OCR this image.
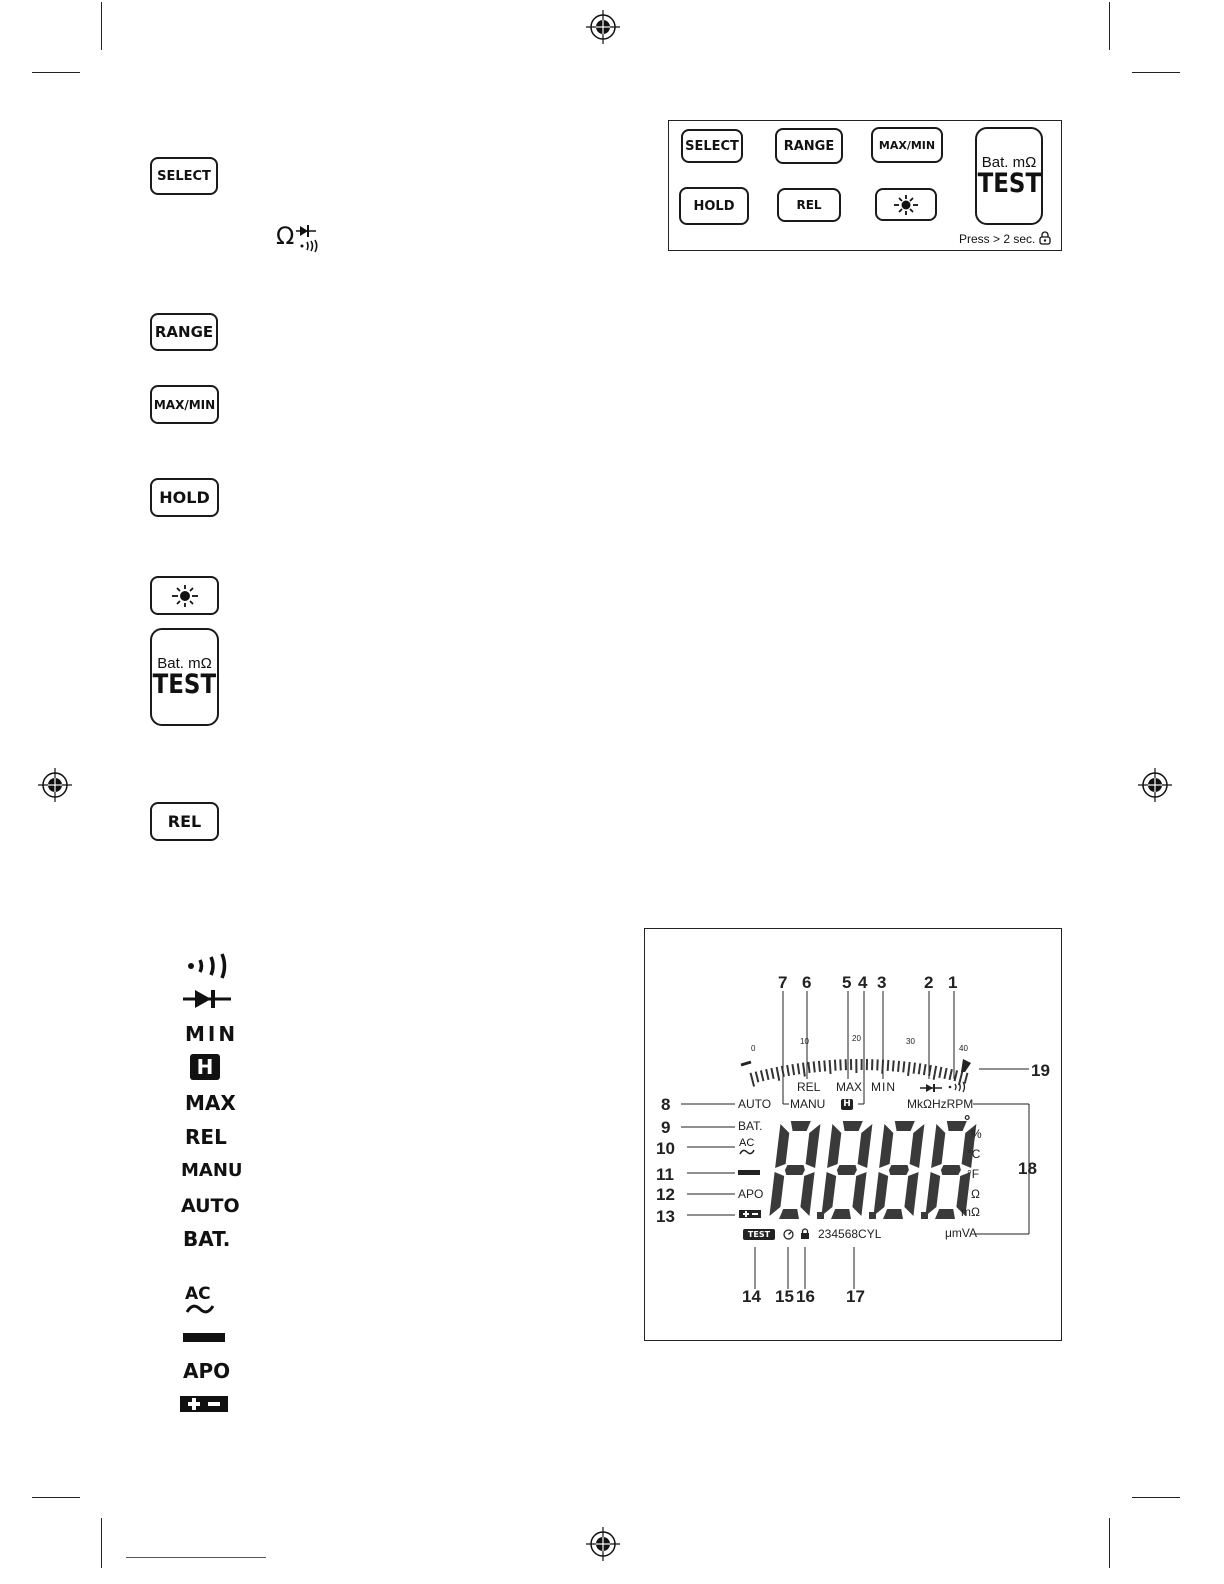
SELECT	RANGE	MAX/MIN
HOLD	REL
Bat. mΩ
TEST
Press > 2 sec.
SELECT
Ω
RANGE
MAX/MIN
HOLD
Bat. mΩ
TEST
REL
MIN
H
MAX
REL
MANU
AUTO
BAT.
AC
APO
7 6 5 4 3 2 1
19
18
8
9
10
11
12
13
14 15 16 17
0
10	20	30
40
REL MAX MIN
AUTO MANU H	MkΩHzRPM
BAT.
AC
APO
°
%
°C
°F
Ω
mΩ
μmVA
TEST	234568CYL
